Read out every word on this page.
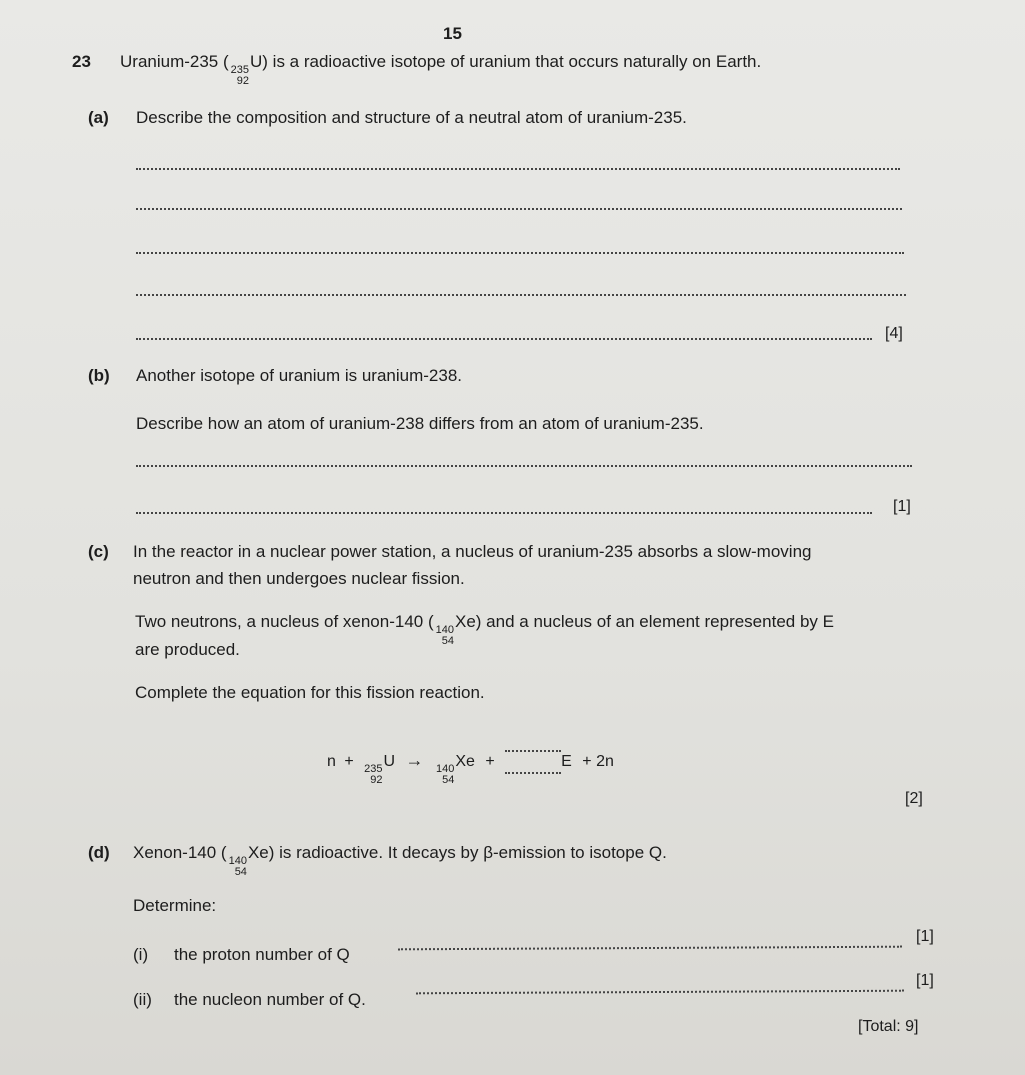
15
23 Uranium-235 ( 235
92
U) is a radioactive isotope of uranium that occurs naturally on Earth.
(a) Describe the composition and structure of a neutral atom of uranium-235.
[4]
(b) Another isotope of uranium is uranium-238.
Describe how an atom of uranium-238 differs from an atom of uranium-235.
[1]
(c) In the reactor in a nuclear power station, a nucleus of uranium-235 absorbs a slow-moving
neutron and then undergoes nuclear fission.
Two neutrons, a nucleus of xenon-140 ( 140
54
Xe) and a nucleus of an element represented by E
are produced.
Complete the equation for this fission reaction.
n + 235
92
U → 140
54
Xe +	E + 2n
[2]
(d) Xenon-140 ( 140
54
Xe) is radioactive. It decays by β-emission to isotope Q.
Determine:
(i) the proton number of Q
[1]
(ii) the nucleon number of Q.
[1]
[Total: 9]
